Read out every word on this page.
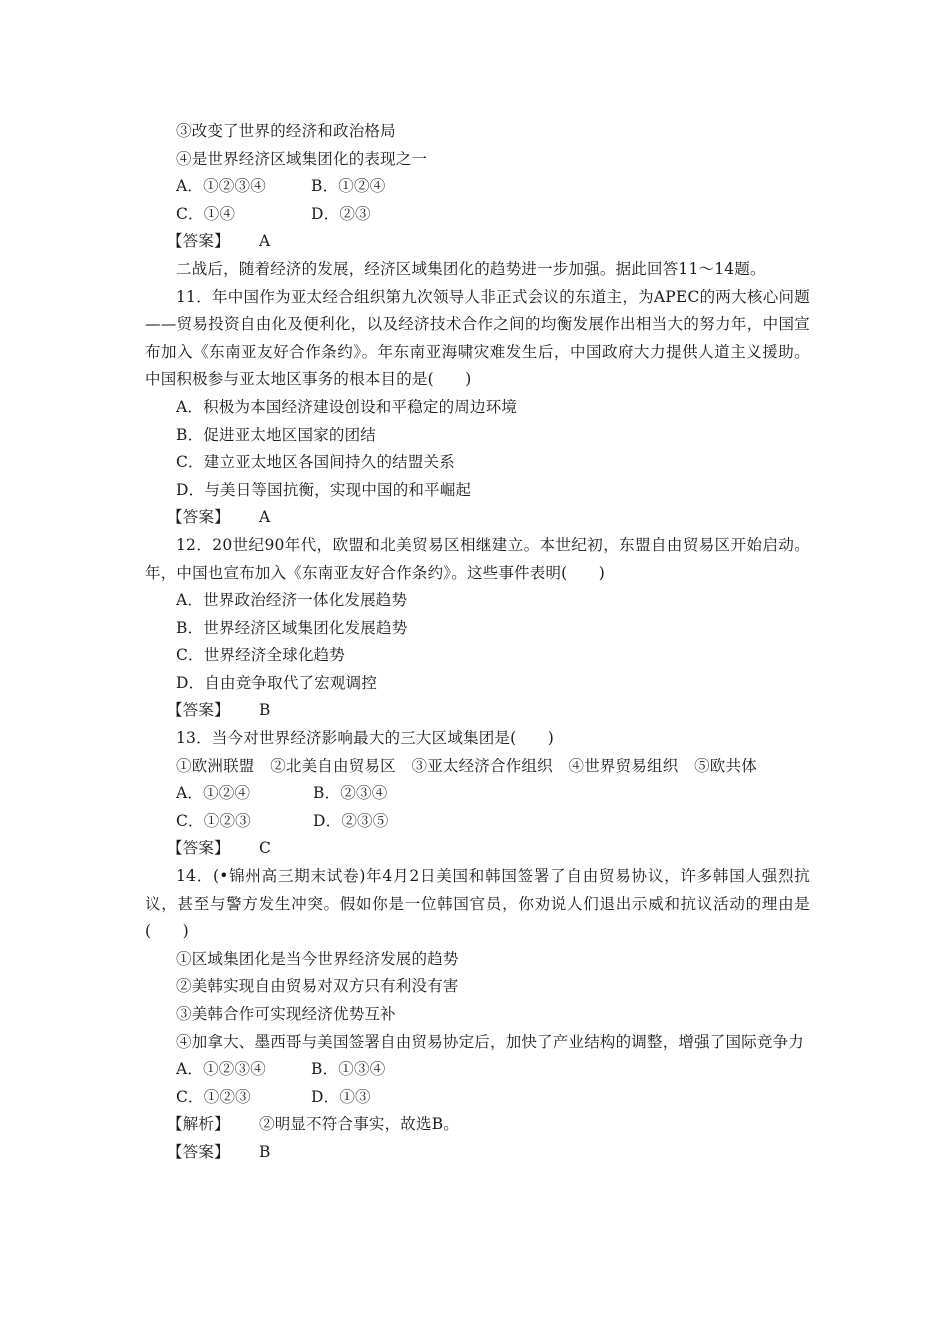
③改变了世界的经济和政治格局
④是世界经济区域集团化的表现之一
A．①②③④	B．①②④
C．①④	D．②③
【答案】 A
二战后，随着经济的发展，经济区域集团化的趋势进一步加强。据此回答11～14题。
11．年中国作为亚太经合组织第九次领导人非正式会议的东道主，为APEC的两大核心问题——贸易投资自由化及便利化，以及经济技术合作之间的均衡发展作出相当大的努力年，中国宣布加入《东南亚友好合作条约》。年东南亚海啸灾难发生后，中国政府大力提供人道主义援助。中国积极参与亚太地区事务的根本目的是(　　)
A．积极为本国经济建设创设和平稳定的周边环境
B．促进亚太地区国家的团结
C．建立亚太地区各国间持久的结盟关系
D．与美日等国抗衡，实现中国的和平崛起
【答案】 A
12．20世纪90年代，欧盟和北美贸易区相继建立。本世纪初，东盟自由贸易区开始启动。年，中国也宣布加入《东南亚友好合作条约》。这些事件表明(　　)
A．世界政治经济一体化发展趋势
B．世界经济区域集团化发展趋势
C．世界经济全球化趋势
D．自由竞争取代了宏观调控
【答案】 B
13．当今对世界经济影响最大的三大区域集团是(　　)
①欧洲联盟　②北美自由贸易区　③亚太经济合作组织　④世界贸易组织　⑤欧共体
A．①②④	B．②③④
C．①②③	D．②③⑤
【答案】 C
14．(•锦州高三期末试卷)年4月2日美国和韩国签署了自由贸易协议，许多韩国人强烈抗议，甚至与警方发生冲突。假如你是一位韩国官员，你劝说人们退出示威和抗议活动的理由是(　　)
①区域集团化是当今世界经济发展的趋势
②美韩实现自由贸易对双方只有利没有害
③美韩合作可实现经济优势互补
④加拿大、墨西哥与美国签署自由贸易协定后，加快了产业结构的调整，增强了国际竞争力
A．①②③④	B．①③④
C．①②③	D．①③
【解析】 ②明显不符合事实，故选B。
【答案】 B
